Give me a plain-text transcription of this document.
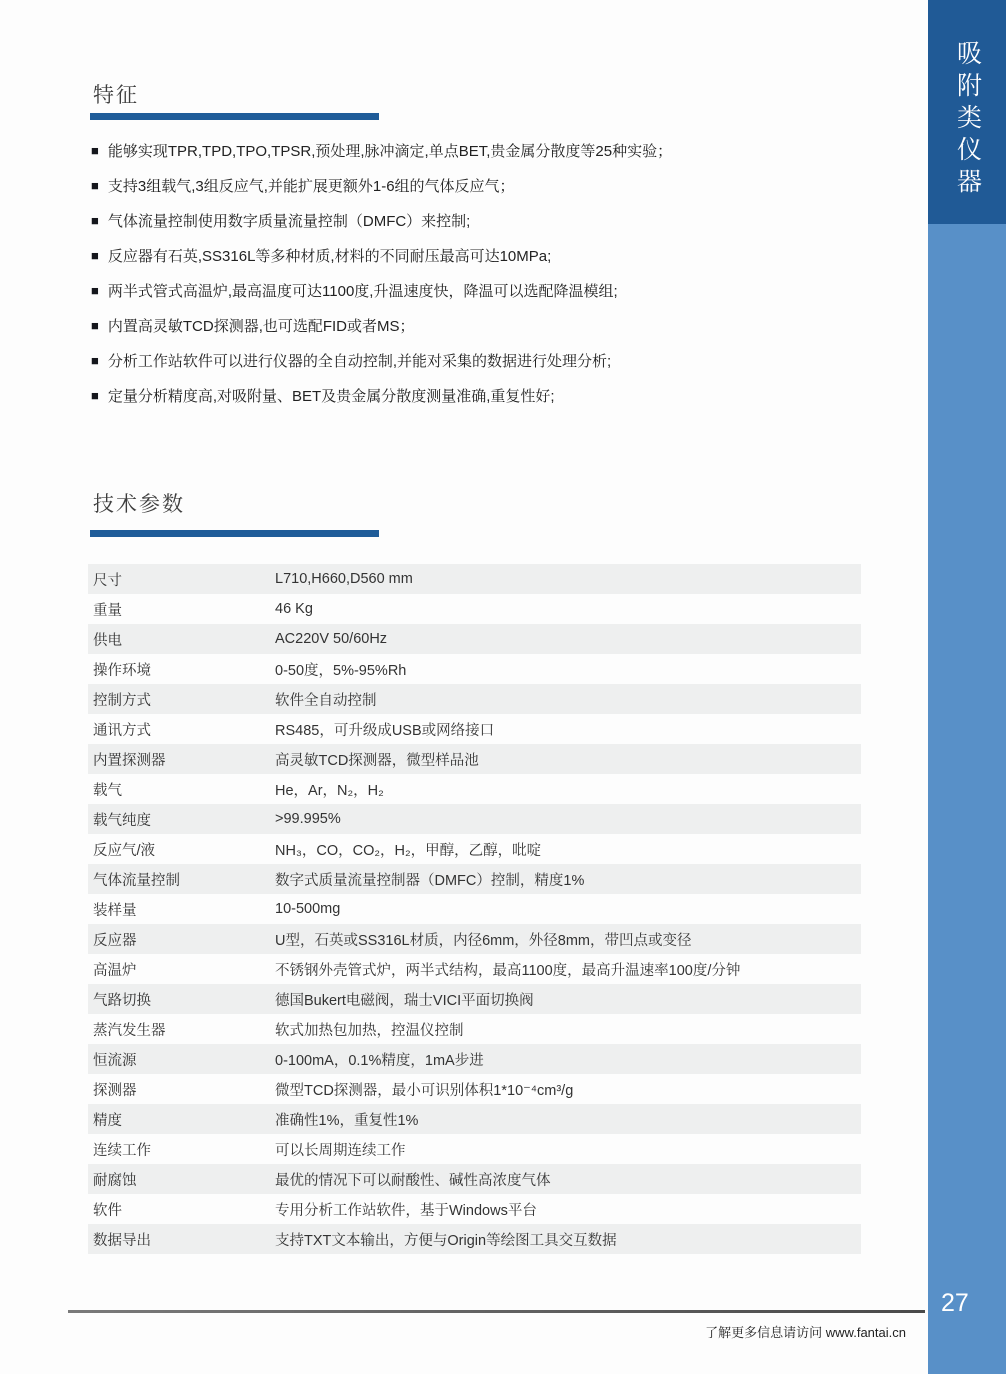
吸附类仪器
27
特征
■ 能够实现TPR,TPD,TPO,TPSR,预处理,脉冲滴定,单点BET,贵金属分散度等25种实验；
■ 支持3组载气,3组反应气,并能扩展更额外1-6组的气体反应气；
■ 气体流量控制使用数字质量流量控制（DMFC）来控制;
■ 反应器有石英,SS316L等多种材质,材料的不同耐压最高可达10MPa;
■ 两半式管式高温炉,最高温度可达1100度,升温速度快，降温可以选配降温模组;
■ 内置高灵敏TCD探测器,也可选配FID或者MS；
■ 分析工作站软件可以进行仪器的全自动控制,并能对采集的数据进行处理分析;
■ 定量分析精度高,对吸附量、BET及贵金属分散度测量准确,重复性好;
技术参数
尺寸	L710,H660,D560 mm
重量	46 Kg
供电	AC220V 50/60Hz
操作环境	0-50度，5%-95%Rh
控制方式	软件全自动控制
通讯方式	RS485，可升级成USB或网络接口
内置探测器	高灵敏TCD探测器，微型样品池
载气	He，Ar，N₂，H₂
载气纯度	>99.995%
反应气/液	NH₃，CO，CO₂，H₂，甲醇，乙醇，吡啶
气体流量控制	数字式质量流量控制器（DMFC）控制，精度1%
装样量	10-500mg
反应器	U型，石英或SS316L材质，内径6mm，外径8mm，带凹点或变径
高温炉	不锈钢外壳管式炉，两半式结构，最高1100度，最高升温速率100度/分钟
气路切换	德国Bukert电磁阀，瑞士VICI平面切换阀
蒸汽发生器	软式加热包加热，控温仪控制
恒流源	0-100mA，0.1%精度，1mA步进
探测器	微型TCD探测器，最小可识别体积1*10⁻⁴cm³/g
精度	准确性1%，重复性1%
连续工作	可以长周期连续工作
耐腐蚀	最优的情况下可以耐酸性、碱性高浓度气体
软件	专用分析工作站软件，基于Windows平台
数据导出	支持TXT文本输出，方便与Origin等绘图工具交互数据
了解更多信息请访问 www.fantai.cn
